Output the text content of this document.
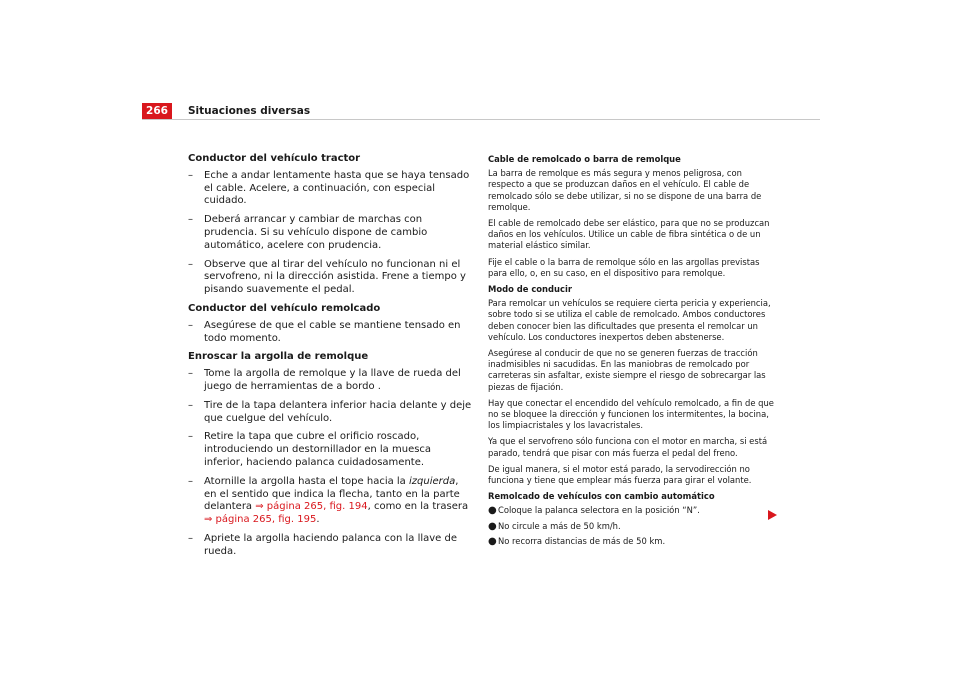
266	Situaciones diversas
Conductor del vehículo tractor
– Eche a andar lentamente hasta que se haya tensado el cable. Acelere, a continuación, con especial cuidado.
– Deberá arrancar y cambiar de marchas con prudencia. Si su vehículo dispone de cambio automático, acelere con prudencia.
– Observe que al tirar del vehículo no funcionan ni el servofreno, ni la dirección asistida. Frene a tiempo y pisando suavemente el pedal.
Conductor del vehículo remolcado
– Asegúrese de que el cable se mantiene tensado en todo momento.
Enroscar la argolla de remolque
– Tome la argolla de remolque y la llave de rueda del juego de herramientas de a bordo .
– Tire de la tapa delantera inferior hacia delante y deje que cuelgue del vehículo.
– Retire la tapa que cubre el orificio roscado, introduciendo un destornillador en la muesca inferior, haciendo palanca cuidadosamente.
– Atornille la argolla hasta el tope hacia la izquierda, en el sentido que indica la flecha, tanto en la parte delantera ⇒ página 265, fig. 194, como en la trasera ⇒ página 265, fig. 195.
– Apriete la argolla haciendo palanca con la llave de rueda.
Cable de remolcado o barra de remolque

La barra de remolque es más segura y menos peligrosa, con respecto a que se produzcan daños en el vehículo. El cable de remolcado sólo se debe utilizar, si no se dispone de una barra de remolque.

El cable de remolcado debe ser elástico, para que no se produzcan daños en los vehículos. Utilice un cable de fibra sintética o de un material elástico similar.

Fije el cable o la barra de remolque sólo en las argollas previstas para ello, o, en su caso, en el dispositivo para remolque.

Modo de conducir

Para remolcar un vehículos se requiere cierta pericia y experiencia, sobre todo si se utiliza el cable de remolcado. Ambos conductores deben conocer bien las dificultades que presenta el remolcar un vehículo. Los conductores inexpertos deben abstenerse.

Asegúrese al conducir de que no se generen fuerzas de tracción inadmisibles ni sacudidas. En las maniobras de remolcado por carreteras sin asfaltar, existe siempre el riesgo de sobrecargar las piezas de fijación.

Hay que conectar el encendido del vehículo remolcado, a fin de que no se bloquee la dirección y funcionen los intermitentes, la bocina, los limpiacristales y los lavacristales.

Ya que el servofreno sólo funciona con el motor en marcha, si está parado, tendrá que pisar con más fuerza el pedal del freno.

De igual manera, si el motor está parado, la servodirección no funciona y tiene que emplear más fuerza para girar el volante.

Remolcado de vehículos con cambio automático
● Coloque la palanca selectora en la posición “N”.
● No circule a más de 50 km/h.
● No recorra distancias de más de 50 km.
